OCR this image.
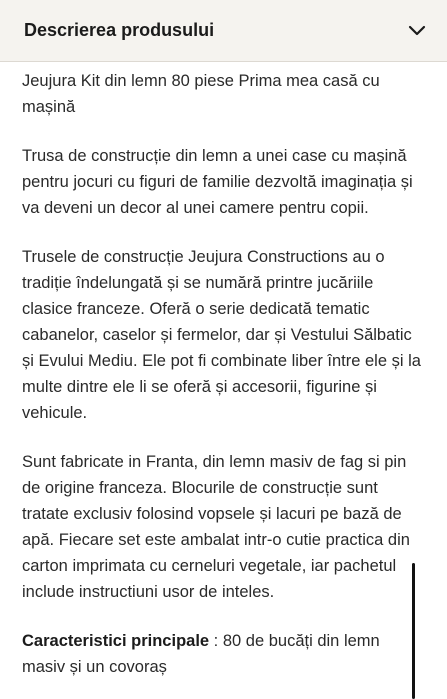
Descrierea produsului

Jeujura Kit din lemn 80 piese Prima mea casă cu mașină

Trusa de construcție din lemn a unei case cu mașină pentru jocuri cu figuri de familie dezvoltă imaginația și va deveni un decor al unei camere pentru copii.

Truselе de construcție Jeujura Constructions au o tradiție îndelungată și se numără printre jucăriile clasice franceze. Oferă o serie dedicată tematic cabanelor, caselor și fermelor, dar și Vestului Sălbatic și Evului Mediu. Ele pot fi combinate liber între ele și la multe dintre ele li se oferă și accesorii, figurine și vehicule.

Sunt fabricate in Franta, din lemn masiv de fag si pin de origine franceza. Blocurile de construcție sunt tratate exclusiv folosind vopsele și lacuri pe bază de apă. Fiecare set este ambalat intr-o cutie practica din carton imprimata cu cerneluri vegetale, iar pachetul include instructiuni usor de inteles.

Caracteristici principale : 80 de bucăți din lemn masiv și un covoraș
